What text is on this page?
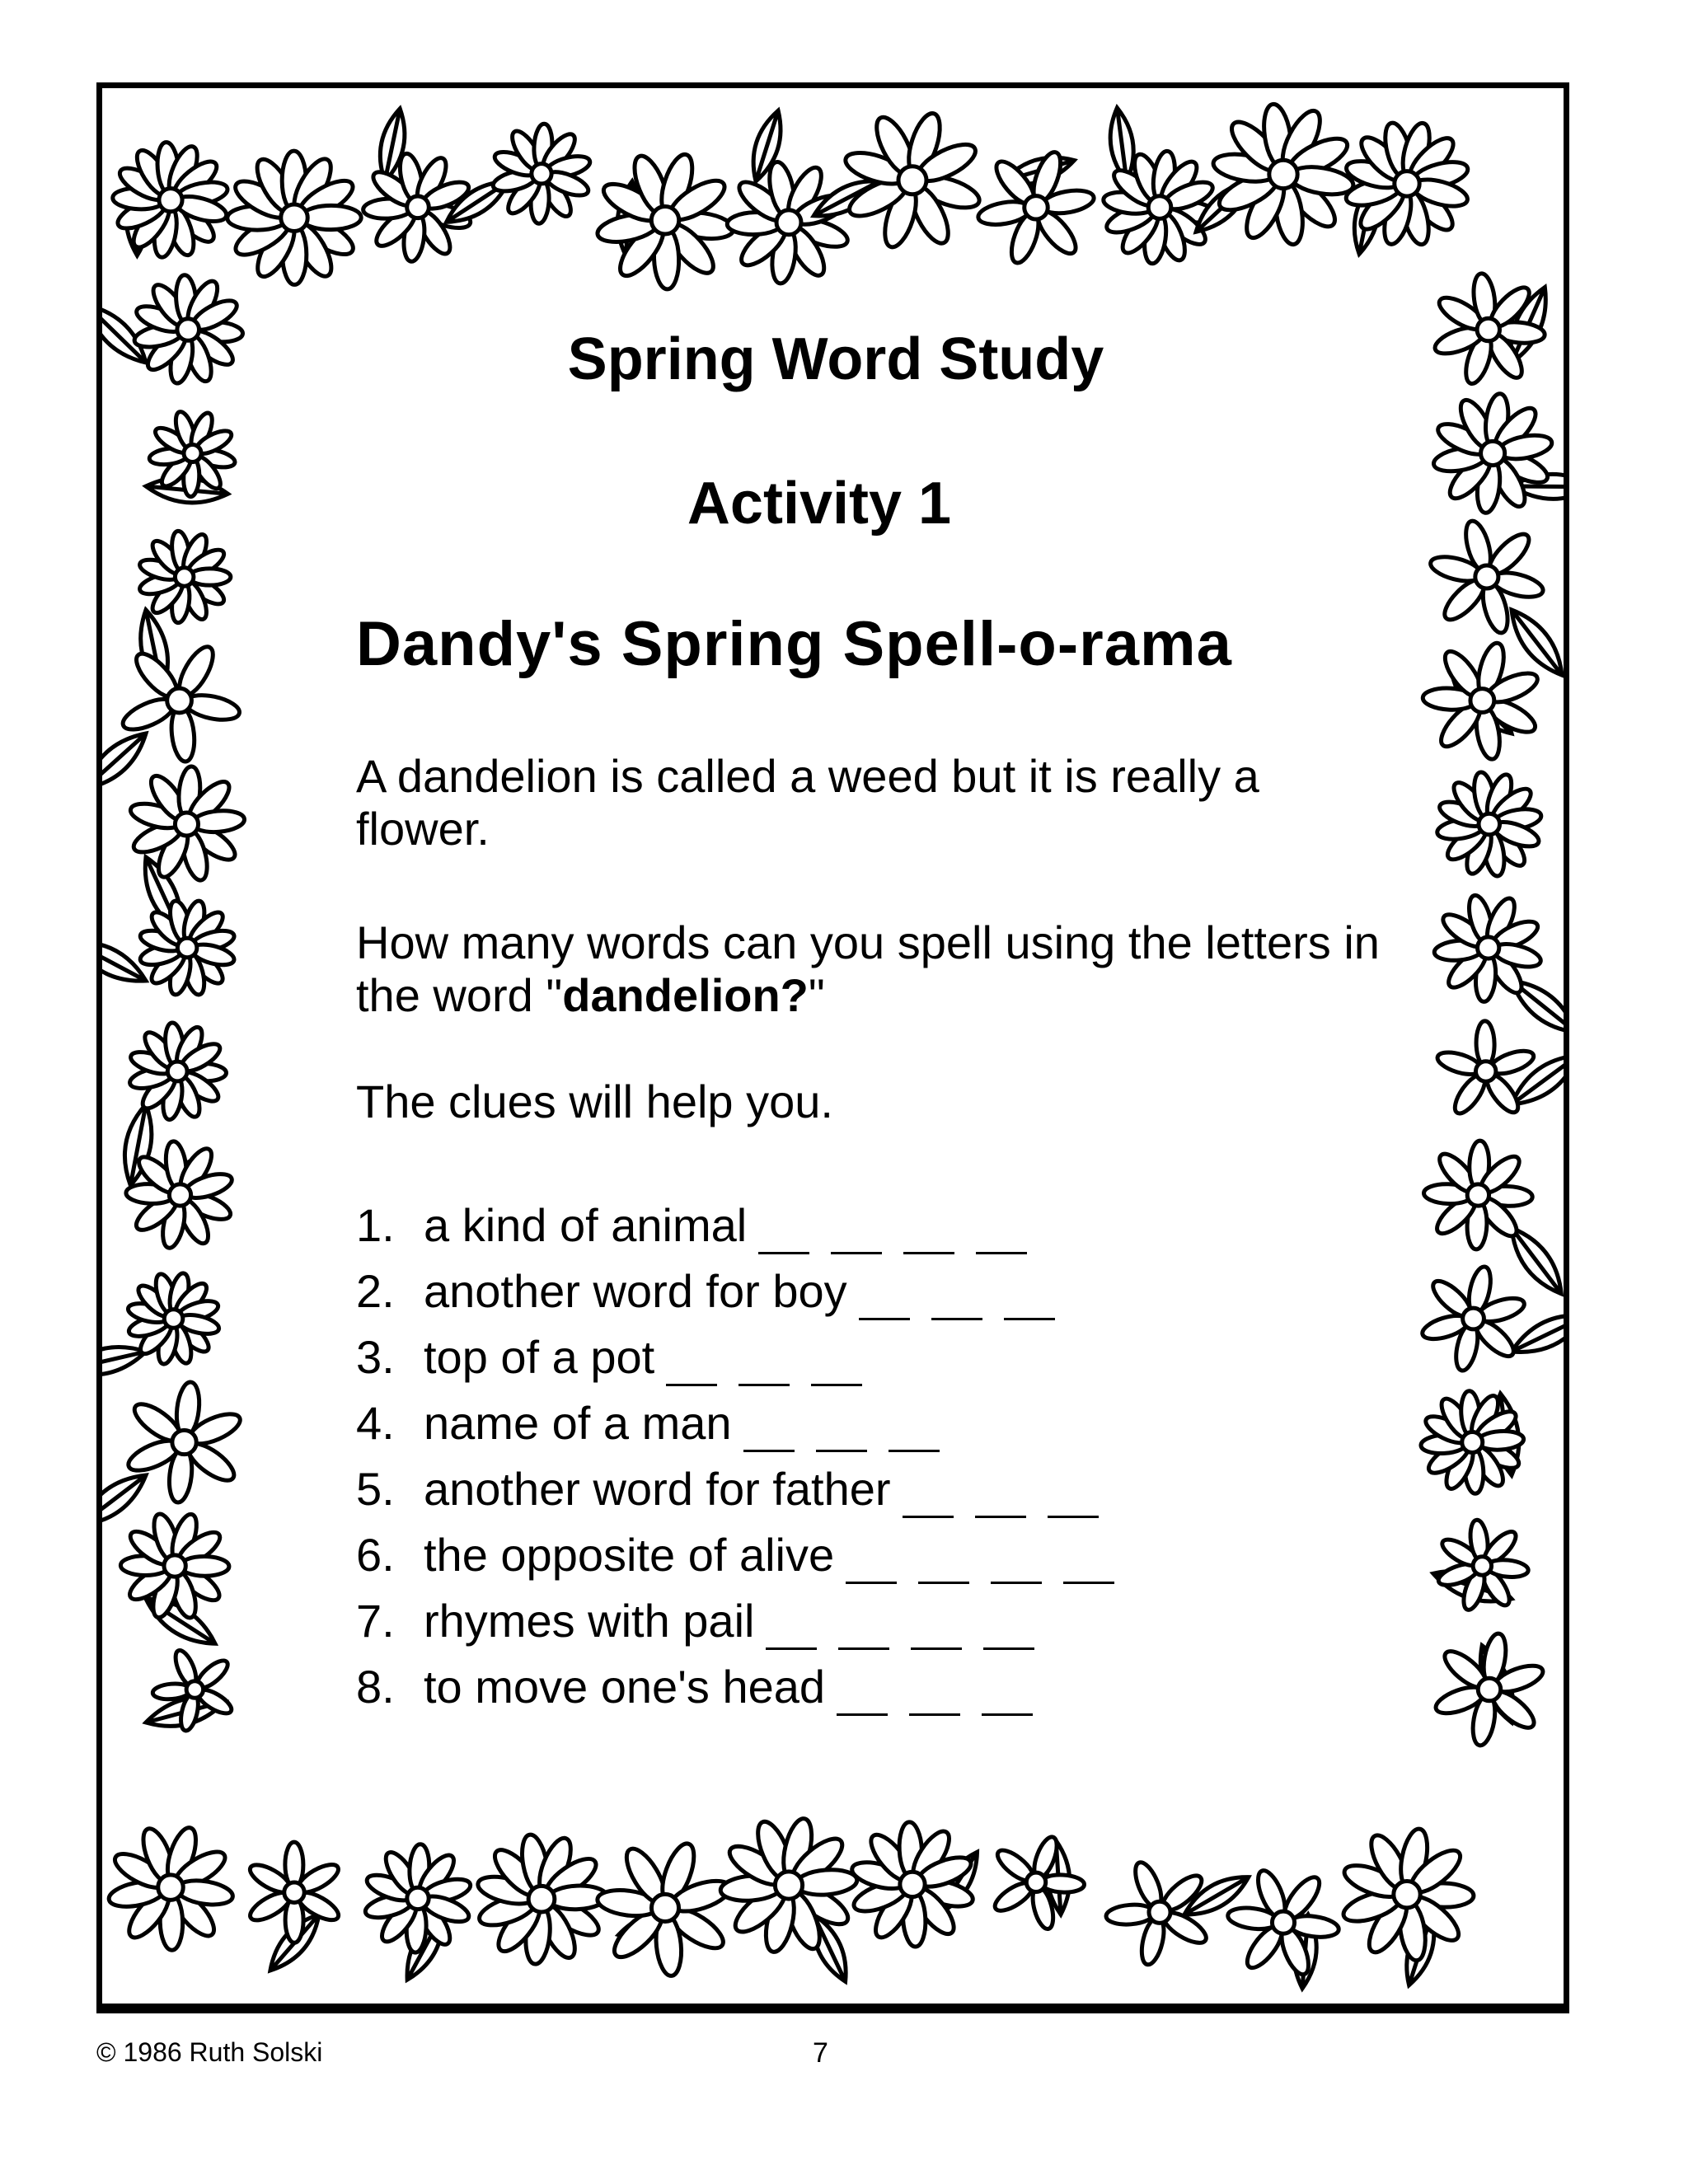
Spring Word Study
Activity 1
Dandy's Spring Spell-o-rama
A dandelion is called a weed but it is really a flower.
How many words can you spell using the letters in the word "dandelion?"
The clues will help you.
1. a kind of animal
2. another word for boy
3. top of a pot
4. name of a man
5. another word for father
6. the opposite of alive
7. rhymes with pail
8. to move one's head
© 1986 Ruth Solski	7
